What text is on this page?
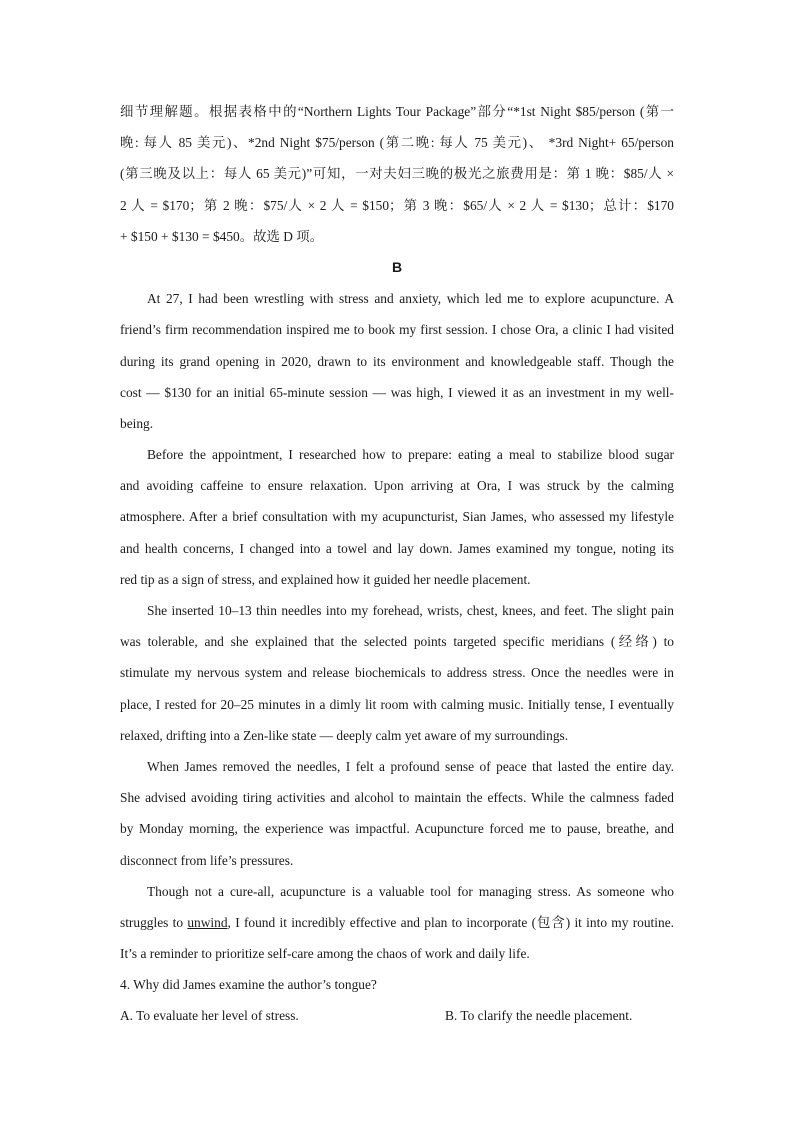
细节理解题。根据表格中的“Northern Lights Tour Package”部分“*1st Night $85/person (第一
晚: 每人 85 美元)、*2nd Night $75/person (第二晚: 每人 75 美元)、 *3rd Night+ 65/person
(第三晚及以上：每人 65 美元)”可知，一对夫妇三晚的极光之旅费用是：第 1 晚：$85/人 ×
2 人 = $170；第 2 晚：$75/人 × 2 人 = $150；第 3 晚：$65/人 × 2 人 = $130；总计：$170
+ $150 + $130 = $450。故选 D 项。
B
At 27, I had been wrestling with stress and anxiety, which led me to explore acupuncture. A
friend’s firm recommendation inspired me to book my first session. I chose Ora, a clinic I had visited
during its grand opening in 2020, drawn to its environment and knowledgeable staff. Though the
cost — $130 for an initial 65-minute session — was high, I viewed it as an investment in my well-
being.
Before the appointment, I researched how to prepare: eating a meal to stabilize blood sugar
and avoiding caffeine to ensure relaxation. Upon arriving at Ora, I was struck by the calming
atmosphere. After a brief consultation with my acupuncturist, Sian James, who assessed my lifestyle
and health concerns, I changed into a towel and lay down. James examined my tongue, noting its
red tip as a sign of stress, and explained how it guided her needle placement.
She inserted 10–13 thin needles into my forehead, wrists, chest, knees, and feet. The slight pain
was tolerable, and she explained that the selected points targeted specific meridians (经络) to
stimulate my nervous system and release biochemicals to address stress. Once the needles were in
place, I rested for 20–25 minutes in a dimly lit room with calming music. Initially tense, I eventually
relaxed, drifting into a Zen-like state — deeply calm yet aware of my surroundings.
When James removed the needles, I felt a profound sense of peace that lasted the entire day.
She advised avoiding tiring activities and alcohol to maintain the effects. While the calmness faded
by Monday morning, the experience was impactful. Acupuncture forced me to pause, breathe, and
disconnect from life’s pressures.
Though not a cure-all, acupuncture is a valuable tool for managing stress. As someone who
struggles to unwind, I found it incredibly effective and plan to incorporate (包含) it into my routine.
It’s a reminder to prioritize self-care among the chaos of work and daily life.
4. Why did James examine the author’s tongue?
A. To evaluate her level of stress.	B. To clarify the needle placement.
